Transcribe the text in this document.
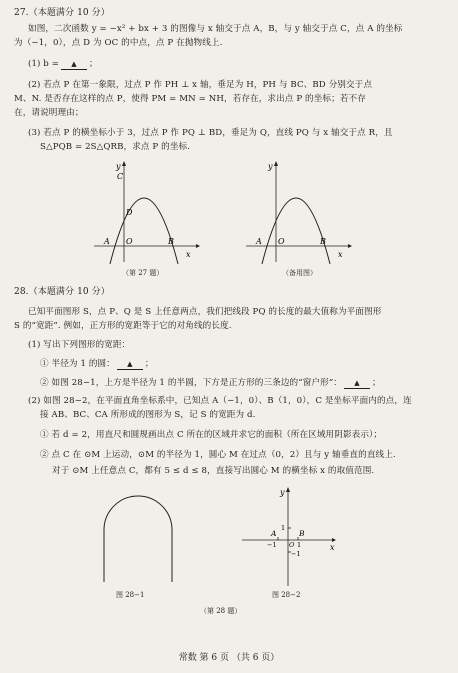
27.（本题满分 10 分）
如图，二次函数 y = −x² + bx + 3 的图像与 x 轴交于点 A，B，与 y 轴交于点 C，点 A 的坐标
为（−1，0），点 D 为 OC 的中点，点 P 在抛物线上.
(1) b = ▲ ；
(2) 若点 P 在第一象限，过点 P 作 PH ⊥ x 轴，垂足为 H，PH 与 BC、BD 分别交于点
M、N. 是否存在这样的点 P，使得 PM = MN = NH，若存在，求出点 P 的坐标；若不存
在，请说明理由；
(3) 若点 P 的横坐标小于 3，过点 P 作 PQ ⊥ BD，垂足为 Q，直线 PQ 与 x 轴交于点 R，且
S△PQB = 2S△QRB，求点 P 的坐标.
y
x
C
D
A O	B
（第 27 题）
y
x
A O	B
（备用图）
28.（本题满分 10 分）
已知平面图形 S，点 P、Q 是 S 上任意两点，我们把线段 PQ 的长度的最大值称为平面图形
S 的“宽距”. 例如，正方形的宽距等于它的对角线的长度.
(1) 写出下列图形的宽距：
① 半径为 1 的圆： ▲ ；
② 如图 28−1，上方是半径为 1 的半圆，下方是正方形的三条边的“窗户形”： ▲ ；
(2) 如图 28−2，在平面直角坐标系中，已知点 A（−1，0）、B（1，0），C 是坐标平面内的点，连
接 AB、BC、CA 所形成的图形为 S，记 S 的宽距为 d.
① 若 d = 2，用直尺和圆规画出点 C 所在的区域并求它的面积（所在区域用阴影表示）；
② 点 C 在 ⊙M 上运动，⊙M 的半径为 1，圆心 M 在过点（0，2）且与 y 轴垂直的直线上.
对于 ⊙M 上任意点 C，都有 5 ≤ d ≤ 8，直接写出圆心 M 的横坐标 x 的取值范围.
图 28−1
y
x
A	B
1
−1 O 1
−1
图 28−2
（第 28 题）
常数 第 6 页 （共 6 页）
